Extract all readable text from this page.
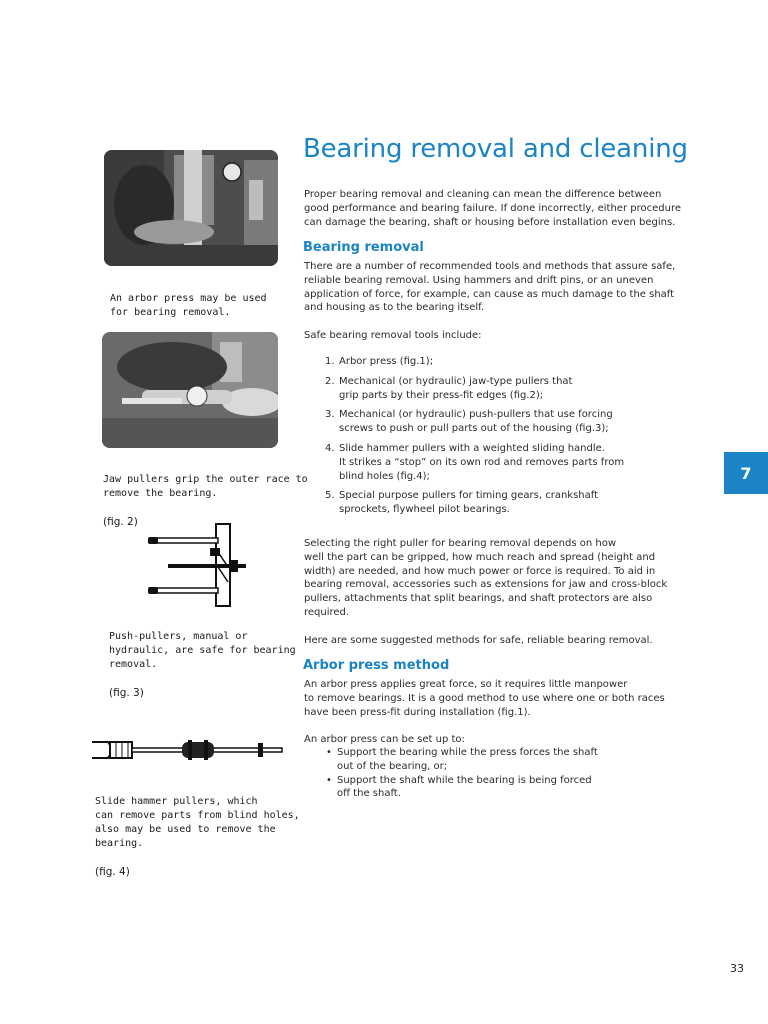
An arbor press may be used
for bearing removal.

Jaw pullers grip the outer race to
remove the bearing.

(fig. 2)

Push-pullers, manual or
hydraulic, are safe for bearing
removal.

(fig. 3)

Slide hammer pullers, which
can remove parts from blind holes,
also may be used to remove the
bearing.

(fig. 4)

Bearing removal and cleaning
Proper bearing removal and cleaning can mean the difference between
good performance and bearing failure. If done incorrectly, either procedure
can damage the bearing, shaft or housing before installation even begins.
Bearing removal
There are a number of recommended tools and methods that assure safe,
reliable bearing removal. Using hammers and drift pins, or an uneven
application of force, for example, can cause as much damage to the shaft
and housing as to the bearing itself.
Safe bearing removal tools include:
1. Arbor press (fig.1);
2. Mechanical (or hydraulic) jaw-type pullers that
grip parts by their press-fit edges (fig.2);
3. Mechanical (or hydraulic) push-pullers that use forcing
screws to push or pull parts out of the housing (fig.3);
4. Slide hammer pullers with a weighted sliding handle.
It strikes a “stop” on its own rod and removes parts from
blind holes (fig.4);
5. Special purpose pullers for timing gears, crankshaft
sprockets, flywheel pilot bearings.
Selecting the right puller for bearing removal depends on how
well the part can be gripped, how much reach and spread (height and
width) are needed, and how much power or force is required. To aid in
bearing removal, accessories such as extensions for jaw and cross-block
pullers, attachments that split bearings, and shaft protectors are also
required.
Here are some suggested methods for safe, reliable bearing removal.
Arbor press method
An arbor press applies great force, so it requires little manpower
to remove bearings. It is a good method to use where one or both races
have been press-fit during installation (fig.1).
An arbor press can be set up to:
• Support the bearing while the press forces the shaft
out of the bearing, or;
• Support the shaft while the bearing is being forced
off the shaft.
7
33
